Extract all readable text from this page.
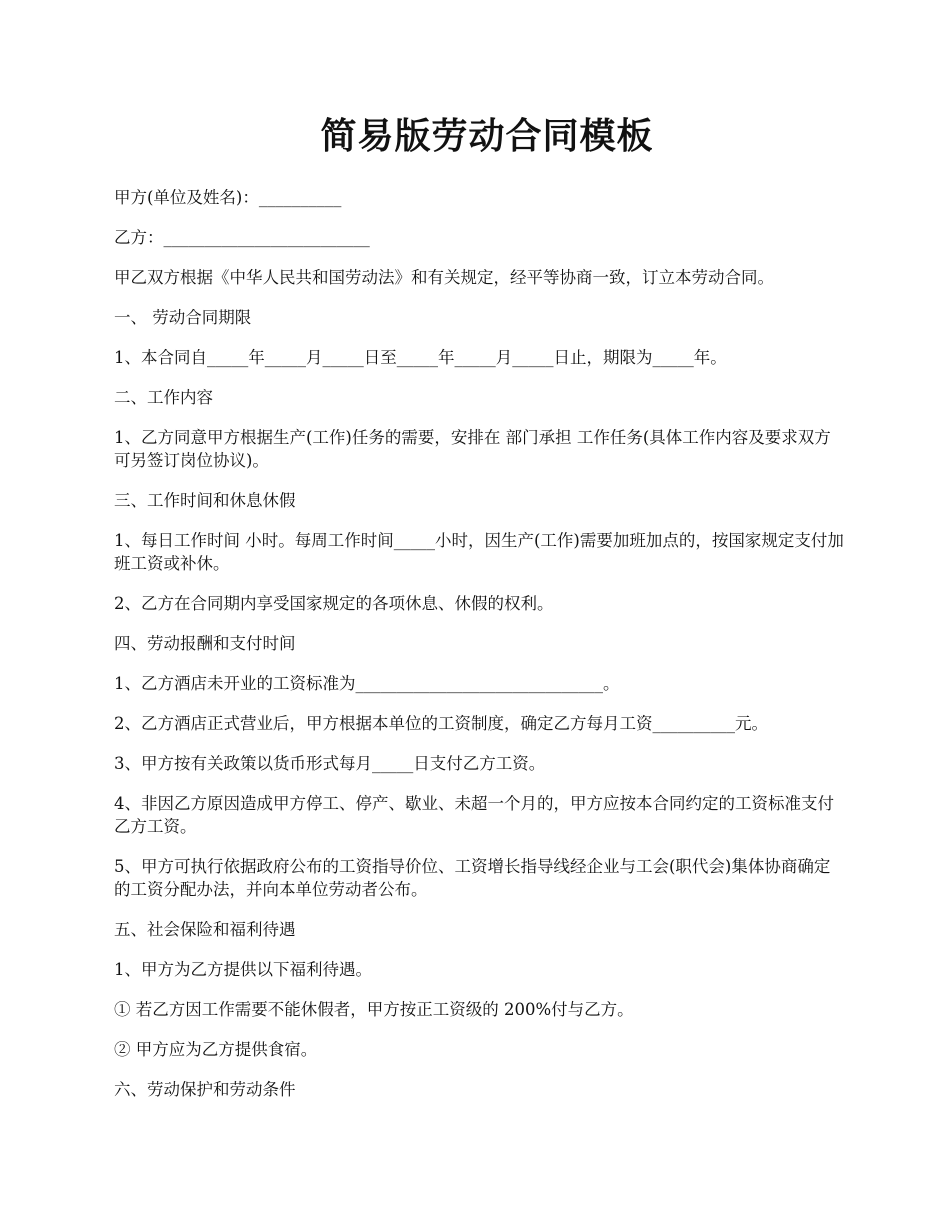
简易版劳动合同模板

甲方(单位及姓名)：__________

乙方：_________________________

甲乙双方根据《中华人民共和国劳动法》和有关规定，经平等协商一致，订立本劳动合同。

一、 劳动合同期限

1、本合同自_____年_____月_____日至_____年_____月_____日止，期限为_____年。

二、工作内容

1、乙方同意甲方根据生产(工作)任务的需要，安排在 部门承担 工作任务(具体工作内容及要求双方可另签订岗位协议)。

三、工作时间和休息休假

1、每日工作时间 小时。每周工作时间_____小时，因生产(工作)需要加班加点的，按国家规定支付加班工资或补休。

2、乙方在合同期内享受国家规定的各项休息、休假的权利。

四、劳动报酬和支付时间

1、乙方酒店未开业的工资标准为______________________________。

2、乙方酒店正式营业后，甲方根据本单位的工资制度，确定乙方每月工资__________元。

3、甲方按有关政策以货币形式每月_____日支付乙方工资。

4、非因乙方原因造成甲方停工、停产、歇业、未超一个月的，甲方应按本合同约定的工资标准支付乙方工资。

5、甲方可执行依据政府公布的工资指导价位、工资增长指导线经企业与工会(职代会)集体协商确定的工资分配办法，并向本单位劳动者公布。

五、社会保险和福利待遇

1、甲方为乙方提供以下福利待遇。

① 若乙方因工作需要不能休假者，甲方按正工资级的 200%付与乙方。

② 甲方应为乙方提供食宿。

六、劳动保护和劳动条件
